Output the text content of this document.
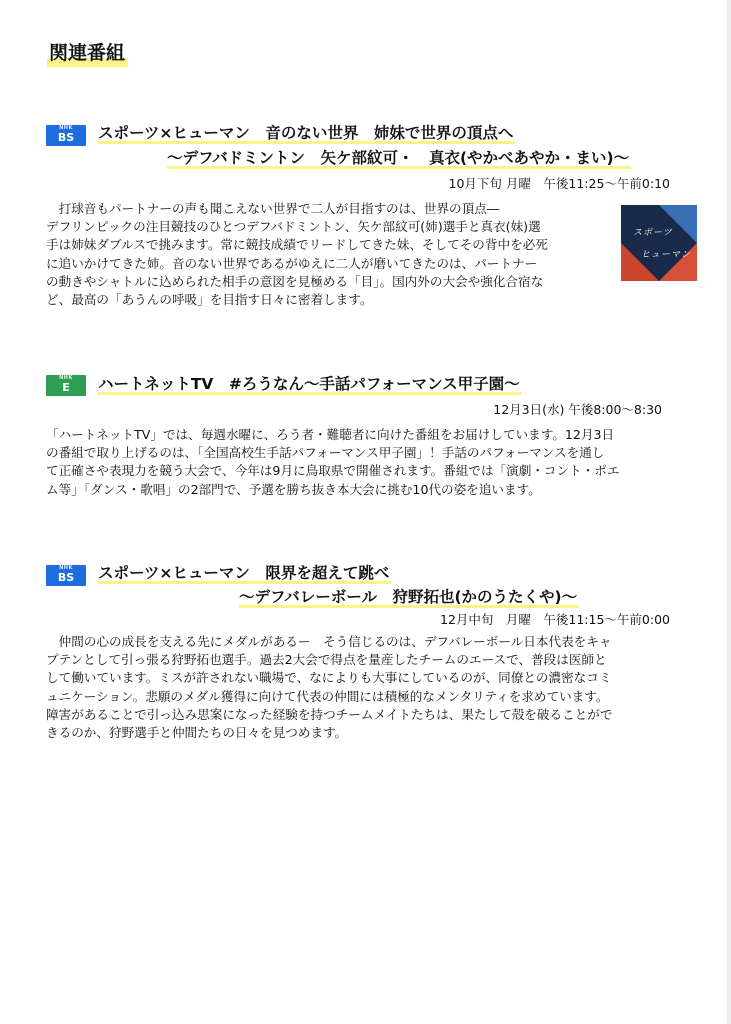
関連番組
NHK
BS	スポーツ×ヒューマン　音のない世界　姉妹で世界の頂点へ
～デフバドミントン　矢ケ部紋可・　真衣(やかべあやか・まい)～
10月下旬 月曜　午後11:25～午前0:10
　打球音もパートナーの声も聞こえない世界で二人が目指すのは、世界の頂点―
デフリンピックの注目競技のひとつデフバドミントン、矢ケ部紋可(姉)選手と真衣(妹)選
手は姉妹ダブルスで挑みます。常に競技成績でリードしてきた妹、そしてその背中を必死
に追いかけてきた姉。音のない世界であるがゆえに二人が磨いてきたのは、パートナー
の動きやシャトルに込められた相手の意図を見極める「目」。国内外の大会や強化合宿な
ど、最高の「あうんの呼吸」を目指す日々に密着します。
スポーツ
ヒューマン
NHK
E	ハートネットTV　#ろうなん～手話パフォーマンス甲子園～
12月3日(水) 午後8:00～8:30
「ハートネットTV」では、毎週水曜に、ろう者・難聴者に向けた番組をお届けしています。12月3日
の番組で取り上げるのは、「全国高校生手話パフォーマンス甲子園」！手話のパフォーマンスを通し
て正確さや表現力を競う大会で、今年は9月に鳥取県で開催されます。番組では「演劇・コント・ポエ
ム等」「ダンス・歌唱」の2部門で、予選を勝ち抜き本大会に挑む10代の姿を追います。
NHK
BS	スポーツ×ヒューマン　限界を超えて跳べ
～デフバレーボール　狩野拓也(かのうたくや)～
12月中旬　月曜　午後11:15～午前0:00
　仲間の心の成長を支える先にメダルがあるー　そう信じるのは、デフバレーボール日本代表をキャ
プテンとして引っ張る狩野拓也選手。過去2大会で得点を量産したチームのエースで、普段は医師と
して働いています。ミスが許されない職場で、なによりも大事にしているのが、同僚との濃密なコミ
ュニケーション。悲願のメダル獲得に向けて代表の仲間には積極的なメンタリティを求めています。
障害があることで引っ込み思案になった経験を持つチームメイトたちは、果たして殻を破ることがで
きるのか、狩野選手と仲間たちの日々を見つめます。
